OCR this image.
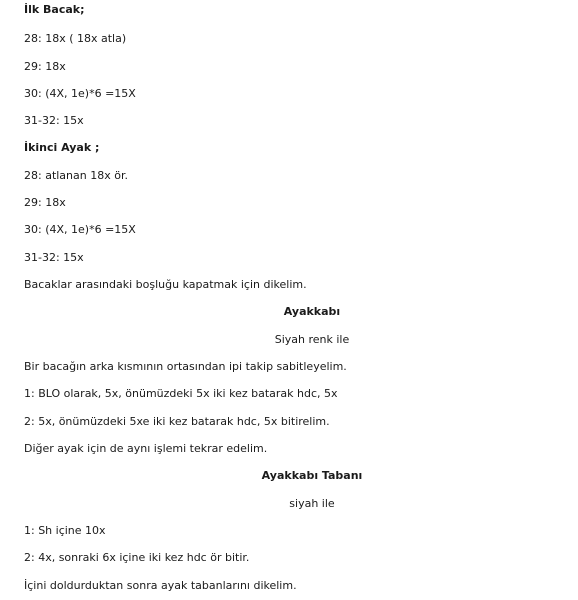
İlk Bacak;
28: 18x ( 18x atla)
29: 18x
30: (4X, 1e)*6 =15X
31-32: 15x
İkinci Ayak ;
28: atlanan 18x ör.
29: 18x
30: (4X, 1e)*6 =15X
31-32: 15x
Bacaklar arasındaki boşluğu kapatmak için dikelim.
Ayakkabı
Siyah renk ile
Bir bacağın arka kısmının ortasından ipi takip sabitleyelim.
1: BLO olarak, 5x, önümüzdeki 5x iki kez batarak hdc, 5x
2: 5x, önümüzdeki 5xe iki kez batarak hdc, 5x bitirelim.
Diğer ayak için de aynı işlemi tekrar edelim.
Ayakkabı Tabanı
siyah ile
1: Sh içine 10x
2: 4x, sonraki 6x içine iki kez hdc ör bitir.
İçini doldurduktan sonra ayak tabanlarını dikelim.
